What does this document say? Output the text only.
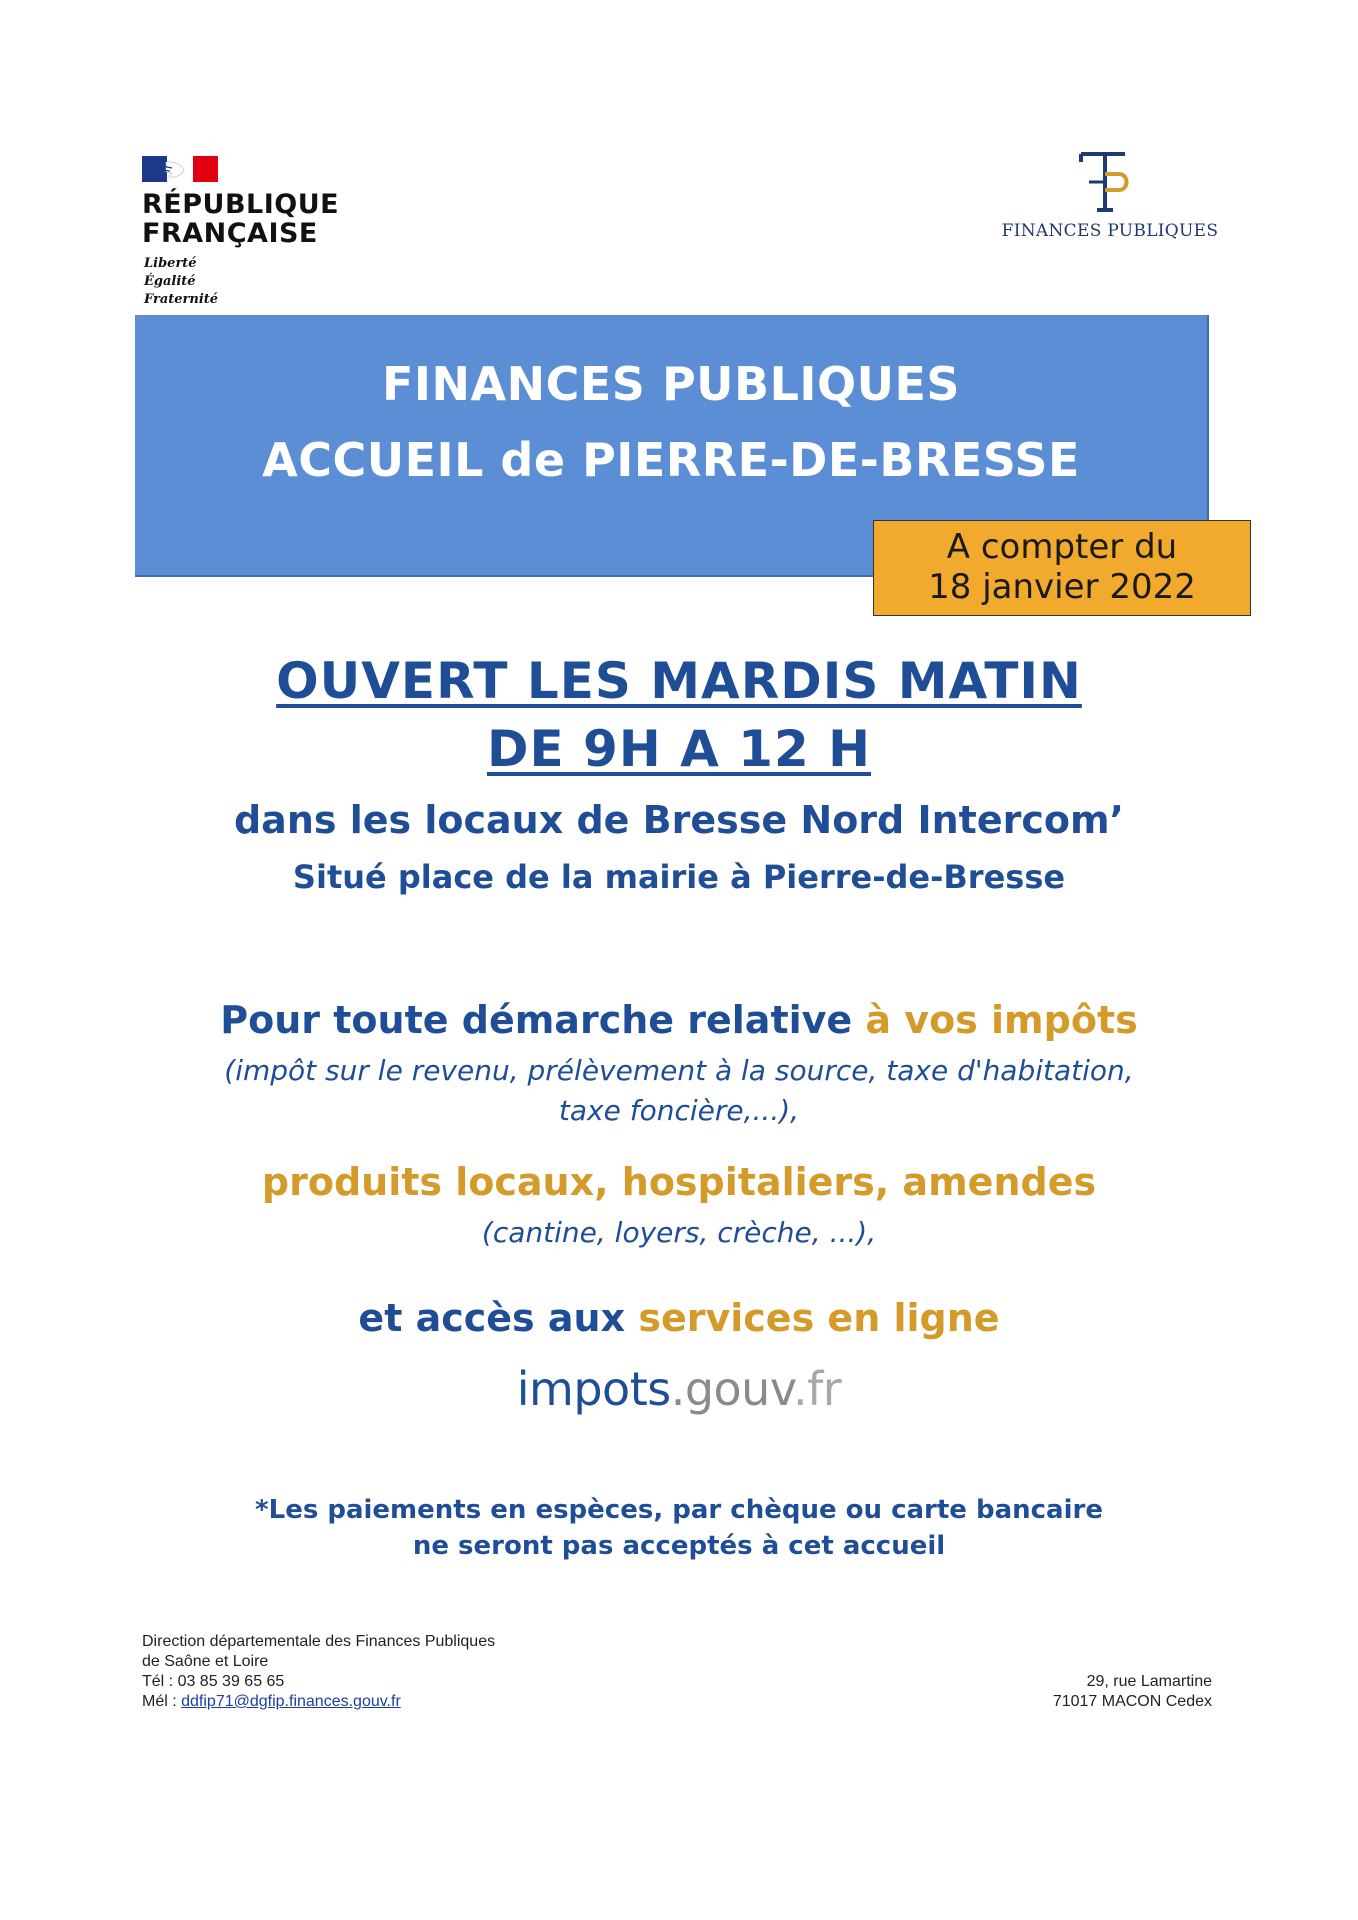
RÉPUBLIQUE
FRANÇAISE
Liberté
Égalité
Fraternité
FINANCES PUBLIQUES
FINANCES PUBLIQUES
ACCUEIL de PIERRE-DE-BRESSE
A compter du
18 janvier 2022
OUVERT LES MARDIS MATIN
DE 9H A 12 H
dans les locaux de Bresse Nord Intercom’
Situé place de la mairie à Pierre-de-Bresse
Pour toute démarche relative à vos impôts
(impôt sur le revenu, prélèvement à la source, taxe d'habitation,
taxe foncière,...),
produits locaux, hospitaliers, amendes
(cantine, loyers, crèche, ...),
et accès aux services en ligne
impots.gouv.fr
*Les paiements en espèces, par chèque ou carte bancaire
ne seront pas acceptés à cet accueil
Direction départementale des Finances Publiques
de Saône et Loire
Tél : 03 85 39 65 65
Mél : ddfip71@dgfip.finances.gouv.fr
29, rue Lamartine
71017 MACON Cedex
